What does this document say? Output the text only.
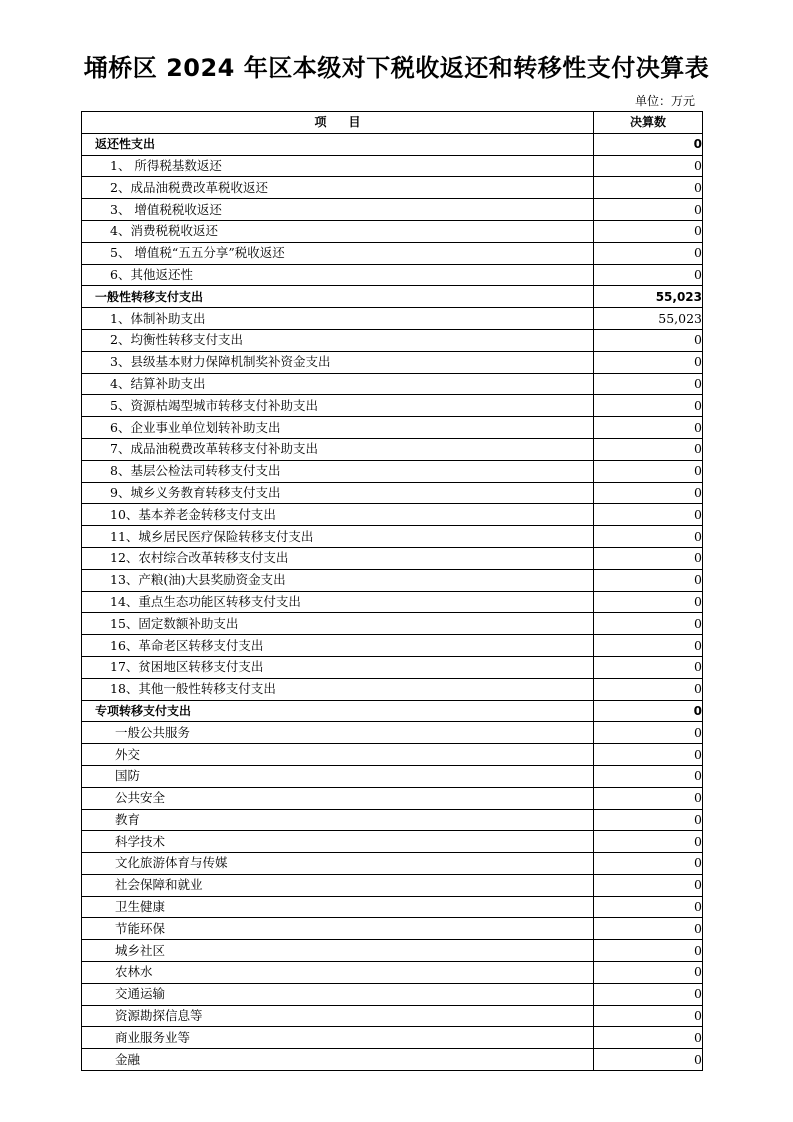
埇桥区 2024 年区本级对下税收返还和转移性支付决算表
单位：万元
项目	决算数
返还性支出	0
1、 所得税基数返还	0
2、成品油税费改革税收返还	0
3、 增值税税收返还	0
4、消费税税收返还	0
5、 增值税“五五分享”税收返还	0
6、其他返还性	0
一般性转移支付支出	55,023
1、体制补助支出	55,023
2、均衡性转移支付支出	0
3、县级基本财力保障机制奖补资金支出	0
4、结算补助支出	0
5、资源枯竭型城市转移支付补助支出	0
6、企业事业单位划转补助支出	0
7、成品油税费改革转移支付补助支出	0
8、基层公检法司转移支付支出	0
9、城乡义务教育转移支付支出	0
10、基本养老金转移支付支出	0
11、城乡居民医疗保险转移支付支出	0
12、农村综合改革转移支付支出	0
13、产粮(油)大县奖励资金支出	0
14、重点生态功能区转移支付支出	0
15、固定数额补助支出	0
16、革命老区转移支付支出	0
17、贫困地区转移支付支出	0
18、其他一般性转移支付支出	0
专项转移支付支出	0
一般公共服务	0
外交	0
国防	0
公共安全	0
教育	0
科学技术	0
文化旅游体育与传媒	0
社会保障和就业	0
卫生健康	0
节能环保	0
城乡社区	0
农林水	0
交通运输	0
资源勘探信息等	0
商业服务业等	0
金融	0
